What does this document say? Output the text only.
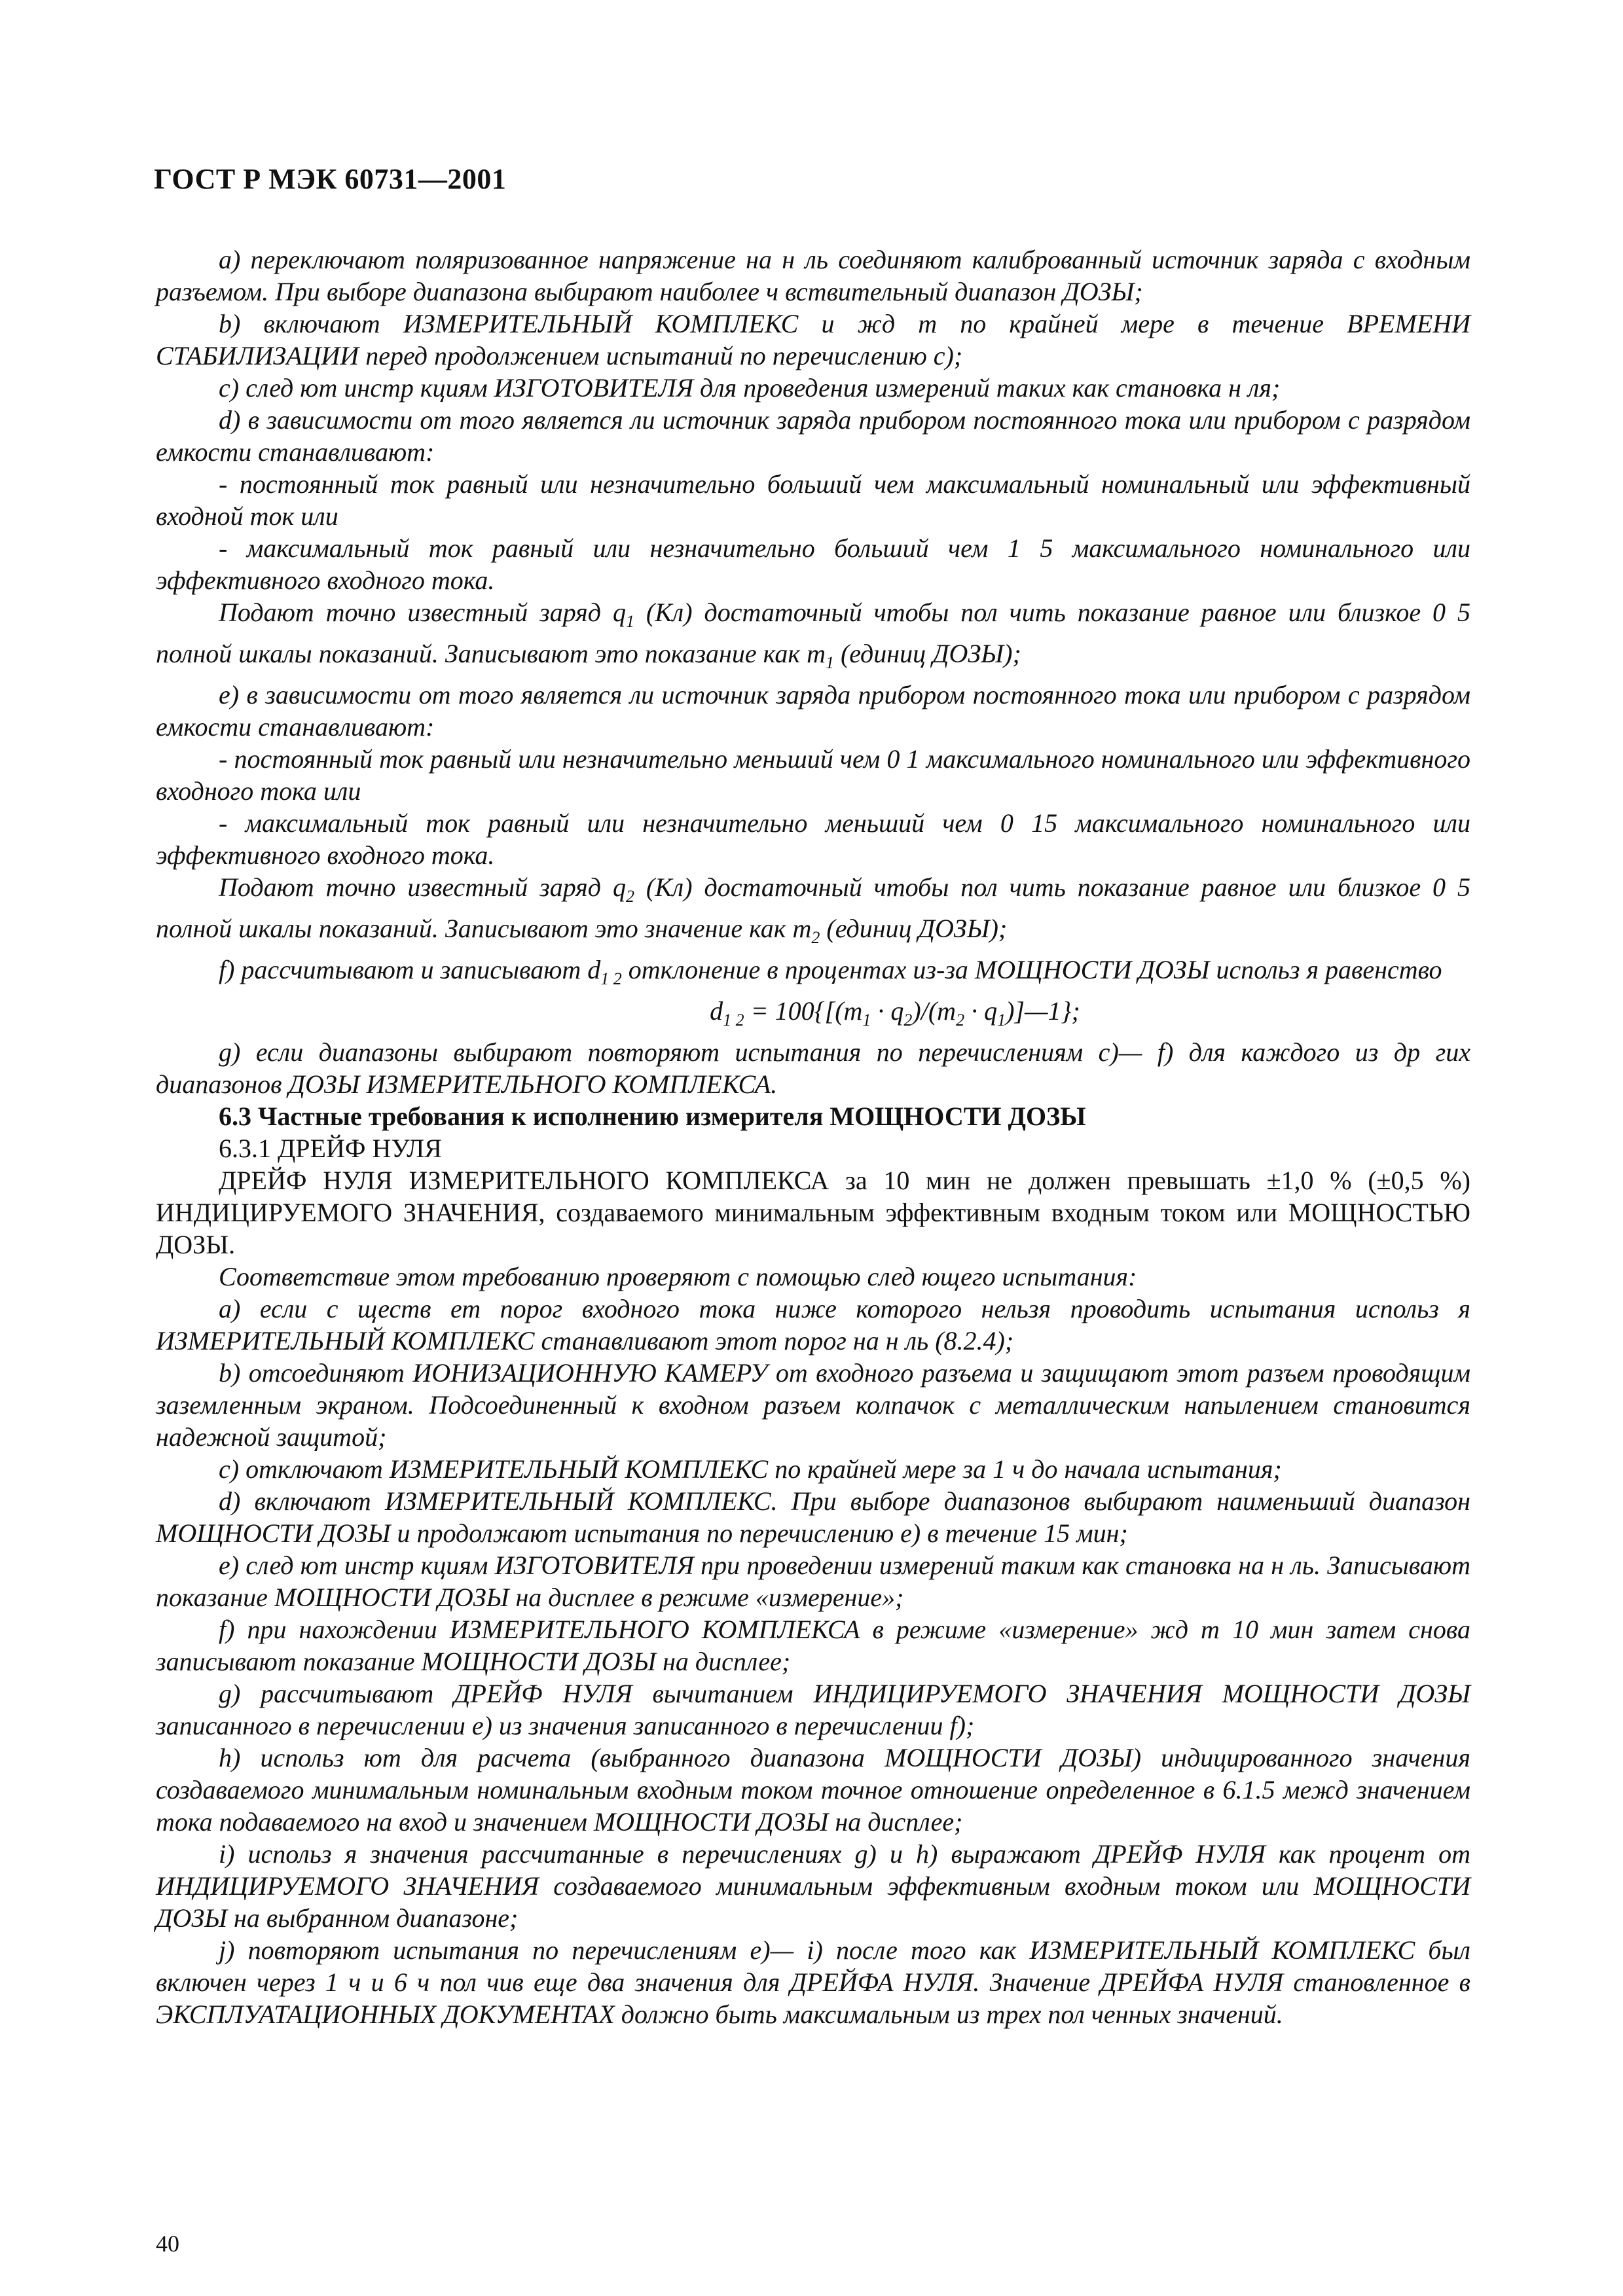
ГОСТ Р МЭК 60731—2001

a) переключают поляризованное напряжение на н ль соединяют калиброванный источник заряда с входным разъемом. При выборе диапазона выбирают наиболее ч вствительный диапазон ДОЗЫ;

b) включают ИЗМЕРИТЕЛЬНЫЙ КОМПЛЕКС и жд т по крайней мере в течение ВРЕМЕНИ СТАБИЛИЗАЦИИ перед продолжением испытаний по перечислению с);

с) след ют инстр кциям ИЗГОТОВИТЕЛЯ для проведения измерений таких как становка н ля;

d) в зависимости от того является ли источник заряда прибором постоянного тока или прибором с разрядом емкости станавливают:

- постоянный ток равный или незначительно больший чем максимальный номинальный или эффективный входной ток или

- максимальный ток равный или незначительно больший чем 1 5 максимального номинального или эффективного входного тока.

Подают точно известный заряд $q_1$ (Кл) достаточный чтобы пол чить показание равное или близкое 0 5 полной шкалы показаний. Записывают это показание как $m_1$ (единиц ДОЗЫ);

е) в зависимости от того является ли источник заряда прибором постоянного тока или прибором с разрядом емкости станавливают:

- постоянный ток равный или незначительно меньший чем 0 1 максимального номинального или эффективного входного тока или

- максимальный ток равный или незначительно меньший чем 0 15 максимального номинального или эффективного входного тока.

Подают точно известный заряд $q_2$ (Кл) достаточный чтобы пол чить показание равное или близкое 0 5 полной шкалы показаний. Записывают это значение как $m_2$ (единиц ДОЗЫ);

f) рассчитывают и записывают $d_{1 2}$ отклонение в процентах из-за МОЩНОСТИ ДОЗЫ использ я равенство

$d_{1 2} = 100\{[(m_1 \cdot q_2)/(m_2$ · $q_1)]—1$};

g) если диапазоны выбирают повторяют испытания по перечислениям с)— f) для каждого из др гих диапазонов ДОЗЫ ИЗМЕРИТЕЛЬНОГО КОМПЛЕКСА.

6.3 Частные требования к исполнению измерителя МОЩНОСТИ ДОЗЫ

6.3.1 ДРЕЙФ НУЛЯ

ДРЕЙФ НУЛЯ ИЗМЕРИТЕЛЬНОГО КОМПЛЕКСА за 10 мин не должен превышать ±1,0 % (±0,5 %) ИНДИЦИРУЕМОГО ЗНАЧЕНИЯ, создаваемого минимальным эффективным входным током или МОЩНОСТЬЮ ДОЗЫ.

Соответствие этом требованию проверяют с помощью след ющего испытания:

а) если с ществ ет порог входного тока ниже которого нельзя проводить испытания использ я ИЗМЕРИТЕЛЬНЫЙ КОМПЛЕКС станавливают этот порог на н ль (8.2.4);

b) отсоединяют ИОНИЗАЦИОННУЮ КАМЕРУ от входного разъема и защищают этот разъем проводящим заземленным экраном. Подсоединенный к входном разъем колпачок с металлическим напылением становится надежной защитой;

с) отключают ИЗМЕРИТЕЛЬНЫЙ КОМПЛЕКС по крайней мере за 1 ч до начала испытания;

d) включают ИЗМЕРИТЕЛЬНЫЙ КОМПЛЕКС. При выборе диапазонов выбирают наименьший диапазон МОЩНОСТИ ДОЗЫ и продолжают испытания по перечислению е) в течение 15 мин;

е) след ют инстр кциям ИЗГОТОВИТЕЛЯ при проведении измерений таким как становка на н ль. Записывают показание МОЩНОСТИ ДОЗЫ на дисплее в режиме «измерение»;

f) при нахождении ИЗМЕРИТЕЛЬНОГО КОМПЛЕКСА в режиме «измерение» жд т 10 мин затем снова записывают показание МОЩНОСТИ ДОЗЫ на дисплее;

g) рассчитывают ДРЕЙФ НУЛЯ вычитанием ИНДИЦИРУЕМОГО ЗНАЧЕНИЯ МОЩНОСТИ ДОЗЫ записанного в перечислении е) из значения записанного в перечислении f);

h) использ ют для расчета (выбранного диапазона МОЩНОСТИ ДОЗЫ) индицированного значения создаваемого минимальным номинальным входным током точное отношение определенное в 6.1.5 межд значением тока подаваемого на вход и значением МОЩНОСТИ ДОЗЫ на дисплее;

i) использ я значения рассчитанные в перечислениях g) и h) выражают ДРЕЙФ НУЛЯ как процент от ИНДИЦИРУЕМОГО ЗНАЧЕНИЯ создаваемого минимальным эффективным входным током или МОЩНОСТИ ДОЗЫ на выбранном диапазоне;

j) повторяют испытания по перечислениям е)— i) после того как ИЗМЕРИТЕЛЬНЫЙ КОМПЛЕКС был включен через 1 ч и 6 ч пол чив еще два значения для ДРЕЙФА НУЛЯ. Значение ДРЕЙФА НУЛЯ становленное в ЭКСПЛУАТАЦИОННЫХ ДОКУМЕНТАХ должно быть максимальным из трех пол ченных значений.

40
